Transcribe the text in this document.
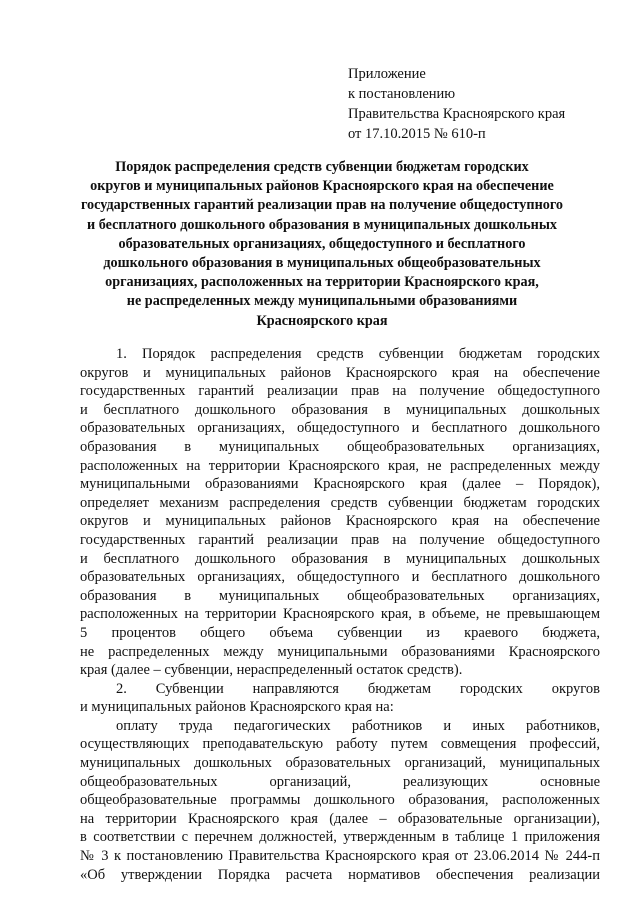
Приложение
к постановлению
Правительства Красноярского края
от 17.10.2015 № 610-п
Порядок распределения средств субвенции бюджетам городских
округов и муниципальных районов Красноярского края на обеспечение
государственных гарантий реализации прав на получение общедоступного
и бесплатного дошкольного образования в муниципальных дошкольных
образовательных организациях, общедоступного и бесплатного
дошкольного образования в муниципальных общеобразовательных
организациях, расположенных на территории Красноярского края,
не распределенных между муниципальными образованиями
Красноярского края
1. Порядок распределения средств субвенции бюджетам городских
округов и муниципальных районов Красноярского края на обеспечение
государственных гарантий реализации прав на получение общедоступного
и бесплатного дошкольного образования в муниципальных дошкольных
образовательных организациях, общедоступного и бесплатного дошкольного
образования в муниципальных общеобразовательных организациях,
расположенных на территории Красноярского края, не распределенных между
муниципальными образованиями Красноярского края (далее – Порядок),
определяет механизм распределения средств субвенции бюджетам городских
округов и муниципальных районов Красноярского края на обеспечение
государственных гарантий реализации прав на получение общедоступного
и бесплатного дошкольного образования в муниципальных дошкольных
образовательных организациях, общедоступного и бесплатного дошкольного
образования в муниципальных общеобразовательных организациях,
расположенных на территории Красноярского края, в объеме, не превышающем
5 процентов общего объема субвенции из краевого бюджета,
не распределенных между муниципальными образованиями Красноярского
края (далее – субвенции, нераспределенный остаток средств).
2. Субвенции направляются бюджетам городских округов
и муниципальных районов Красноярского края на:
оплату труда педагогических работников и иных работников,
осуществляющих преподавательскую работу путем совмещения профессий,
муниципальных дошкольных образовательных организаций, муниципальных
общеобразовательных организаций, реализующих основные
общеобразовательные программы дошкольного образования, расположенных
на территории Красноярского края (далее – образовательные организации),
в соответствии с перечнем должностей, утвержденным в таблице 1 приложения
№ 3 к постановлению Правительства Красноярского края от 23.06.2014 № 244-п
«Об утверждении Порядка расчета нормативов обеспечения реализации
